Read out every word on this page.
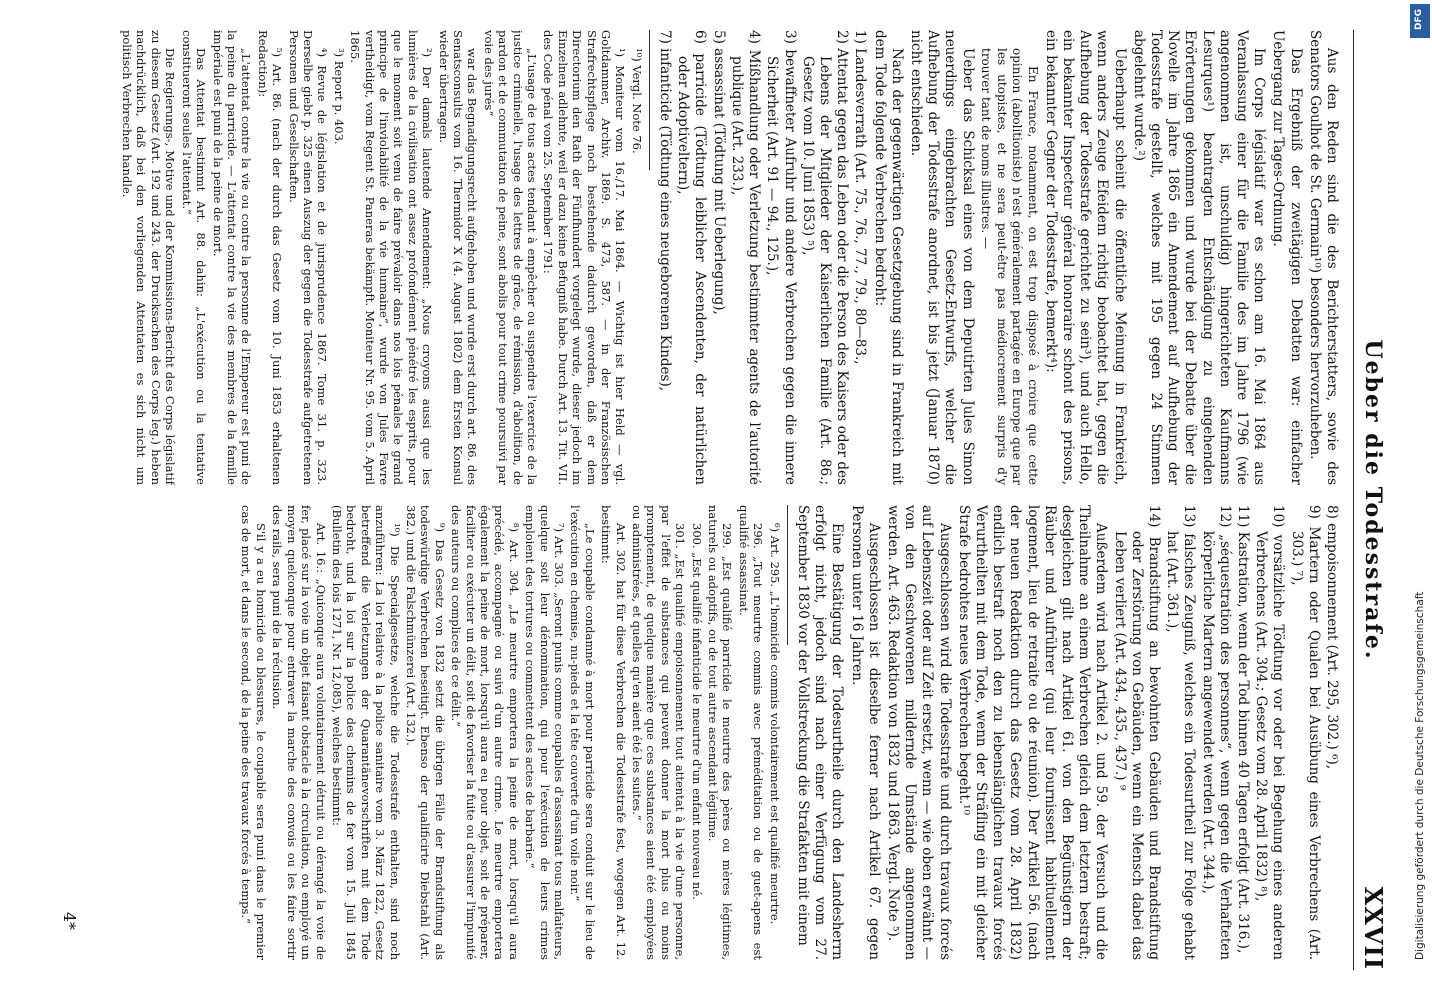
Ueber die Todesstrafe.
XXVII

Aus den Reden sind die des Berichterstatters, sowie des Senators Goulhot de St. Germain¹⁰) besonders hervorzuheben.

Das Ergebniß der zweitägigen Debatten war: einfacher Uebergang zur Tages-Ordnung.

Im Corps législatif war es schon am 16. Mai 1864 aus Veranlassung einer für die Familie des im Jahre 1796 (wie angenommen ist, unschuldig) hingerichteten Kaufmanns Lesurques¹) beantragten Entschädigung zu eingehenden Erörterungen gekommen und wurde bei der Debatte über die Novelle im Jahre 1865 ein Amendement auf Aufhebung der Todesstrafe gestellt, welches mit 195 gegen 24 Stimmen abgelehnt wurde.²)

Ueberhaupt scheint die öffentliche Meinung in Frankreich, wenn anders Zeuge Efeidem richtig beobachtet hat, gegen die Aufhebung der Todesstrafe gerichtet zu sein³), und auch Hello, ein bekannter Inspecteur général honoraire schont des prisons, ein bekannter Gegner der Todesstrafe, bemerkt⁴):

En France, notamment, on est trop disposé à croire que cette opinion (abolitioniste) n'est généralement partagée en Europe que par les utopistes, et ne sera peut-être pas médiocrement surpris d'y trouver tant de noms illustres. —

Ueber das Schicksal eines von dem Deputirten Jules Simon neuerdings eingebrachten Gesetz-Entwurfs, welcher die Aufhebung der Todesstrafe anordnet, ist bis jetzt (Januar 1870) nicht entschieden.

Nach der gegenwärtigen Gesetzgebung sind in Frankreich mit dem Tode folgende Verbrechen bedroht:

1) Landesverrath (Art. 75., 76., 77., 79., 80—83.,
2) Attentat gegen das Leben oder die Person des Kaisers oder des Lebens der Mitglieder der Kaiserlichen Familie (Art. 86.; Gesetz vom 10. Juni 1853) ⁵),
3) bewaffneter Aufruhr und andere Verbrechen gegen die innere Sicherheit (Art. 91 — 94., 125.),
4) Mißhandlung oder Verletzung bestimmter agents de l'autorité publique (Art. 233.),
5) assassinat (Tödtung mit Ueberlegung),
6) parricide (Tödtung leiblicher Ascendenten, der natürlichen oder Adoptiveltern),
7) infanticide (Tödtung eines neugeborenen Kindes),

¹⁰) Vergl. Note 76.

¹) Moniteur vom 16./17. Mai 1864. — Wichtig ist hier Held — vgl. Goltdammer, Archiv. 1869. S. 473, 587. — in der Französischen Strafrechtspflege noch bestehende dadurch geworden, daß er dem Directorium den Rath der Fünfhundert vorgelegt wurde, dieser jedoch im Einzelnen adlehnte, weil er dazu keine Befugniß habe. Durch Art. 13. Tit. VII. des Code pénal vom 25. September 1791:

„L'usage de tous actes tendant à empêcher ou suspendre l'exercice de la justice criminelle, l'usage des lettres de grâce, de rémission, d'abolition, de pardon et de commutation de peine, sont abolis pour tout crime poursuivi par voie des jurés“

war das Begnadigungsrecht aufgehoben und wurde erst durch art. 86. des Senatsconsults vom 16. Thermidor X (4. August 1802) dem Ersten Konsul wieder übertragen.

²) Der damals lautende Amendement: „Nous croyons aussi que les lumières de la civilisation ont assez profondément pénétré les esprits, pour que le moment soit venu de faire prévaloir dans nos lois pénales le grand principe de l'inviolabilité de la vie humaine“, wurde von Jules Favre vertheidigt, vom Regent St. Paneras bekämpft. Moniteur Nr. 95. vom 5. April 1865.

³) Report p. 403.

⁴) Revue de législation et de jurisprudence 1867. Tome 31. p. 323. Derselbe giebt p. 325 einen Auszug der gegen die Todesstrafe aufgetretenen Personen und Gesellschaften.

⁵) Art. 86. (nach der durch das Gesetz vom 10. Juni 1853 erhaltenen Redaction):

„L'attentat contre la vie ou contre la personne de l'Empereur est puni de la peine du parricide. — L'attentat contre la vie des membres de la famille impériale est puni de la peine de mort.

Das Attentat bestimmt Art. 88. dahin: „L'exécution ou la tentative constitueront seules l'attentat.“

Die Regierungs-, Motive und der Kommissions-Bericht des Corps législatif zu diesem Gesetz (Art. 192 und 243. der Drucksachen des Corps leg.) heben nachdrücklich, daß bei den vorliegenden Attentaten es sich nicht um politisch Verbrechen handle.

8) empoisonnement (Art. 295, 302.) ⁶),
9) Martern oder Qualen bei Ausübung eines Verbrechens (Art. 303.) ⁷),
10) vorsätzliche Tödtung vor oder bei Begehung eines anderen Verbrechens (Art. 304.; Gesetz vom 28. April 1832) ⁸),
11) Kastration, wenn der Tod binnen 40 Tagen erfolgt (Art. 316.),
12) „séquestration des personnes“, wenn gegen die Verhafteten körperliche Martern angewendet werden (Art. 344.),
13) falsches Zeugniß, welches ein Todesurtheil zur Folge gehabt hat (Art. 361.),
14) Brandstiftung an bewohnten Gebäuden und Brandstiftung oder Zerstörung von Gebäuden, wenn ein Mensch dabei das Leben verliert (Art. 434., 435., 437.) ⁹

Außerdem wird nach Artikel 2. und 59. der Versuch und die Theilnahme an einem Verbrechen gleich dem letztern bestraft; desgleichen gilt nach Artikel 61. von den Begünstigern der Räuber und Aufrührer (qui leur fournissent habituellement logement, lieu de retraite ou de réunion). Der Artikel 56. (nach der neuen Redaktion durch das Gesetz vom 28. April 1832) endlich bestraft noch den zu lebenslänglichen travaux forcés Verurtheilten mit dem Tode, wenn der Sträfling ein mit gleicher Strafe bedrohtes neues Verbrechen begeht.¹⁰

Ausgeschlossen wird die Todesstrafe und durch travaux forcés auf Lebenszeit oder auf Zeit ersetzt, wenn — wie oben erwähnt — von den Geschworenen mildernde Umstände angenommen werden. Art. 463. Redaktion von 1832 und 1863. Vergl. Note ⁵).

Ausgeschlossen ist dieselbe ferner nach Artikel 67. gegen Personen unter 16 Jahren.

Eine Bestätigung der Todesurtheile durch den Landesherrn erfolgt nicht, jedoch sind nach einer Verfügung vom 27. September 1830 vor der Vollstreckung die Strafakten mit einem

⁶) Art. 295. „L'homicide commis volontairement est qualifié meurtre.

296. „Tout meurtre commis avec préméditation ou de guet-apens est qualifié assassinat.

299. „Est qualifié parricide le meurtre des pères ou mères légitimes, naturels ou adoptifs, ou de tout autre ascendant légitime.

300. „Est qualifié infanticide le meurtre d'un enfant nouveau né.

301. „Est qualifié empoisonnement tout attentat à la vie d'une personne, par l'effet de substances qui peuvent donner la mort plus ou moins promptement, de quelque manière que ces substances aient été employées ou administrées, et quelles qu'en aient été les suites.“

Art. 302. hat für diese Verbrechen die Todesstrafe fest, wogegen Art. 12. bestimmt:

„Le coupable condamné à mort pour parricide sera conduit sur le lieu de l'exécution en chemise, nu-pieds et la tête couverte d'un voile noir.“

⁷) Art. 303. „Seront punis comme coupables d'assassinat tous malfaiteurs, quelque soit leur dénomination, qui pour l'exécution de leurs crimes emploient des tortures ou commettent des actes de barbarie.“

⁸) Art. 304. „Le meurtre emportera la peine de mort, lorsqu'il aura précédé, accompagné ou suivi d'un autre crime. Le meurtre emportera également la peine de mort, lorsqu'il aura eu pour objet, soit de préparer, faciliter ou exécuter un délit, soit de favoriser la fuite ou d'assurer l'impunité des auteurs ou complices de ce délit.“

⁹) Das Gesetz von 1832 setzt die übrigen Fälle der Brandstiftung als todeswürdige Verbrechen beseitigt. Ebenso der qualificirte Diebstahl (Art. 382.) und die Falschmünzerei (Art. 132.).

¹⁰) Die Specialgesetze, welche die Todesstrafe enthalten, sind noch anzuführen: La loi relative à la police sanitaire vom 3. März 1822, Gesetz betreffend die Verletzungen der Quarantänevorschriften mit dem Tode bedroht, und la loi sur la police des chemins de fer vom 15. Juli 1845 (Bulletin des lois 1271, Nr. 12,085), welches bestimmt:

Art. 16.: „Quiconque aura volontairement détruit ou dérangé la voie de fer, placé sur la voie un objet faisant obstacle à la circulation, ou employé un moyen quelconque pour entraver la marche des convois ou les faire sortir des rails, sera puni de la réclusion.

S'il y a eu homicide ou blessures, le coupable sera puni dans le premier cas de mort, et dans le second, de la peine des travaux forcés à temps.“

4*	Digitalisierung gefördert durch die Deutsche Forschungsgemeinschaft
DFG
